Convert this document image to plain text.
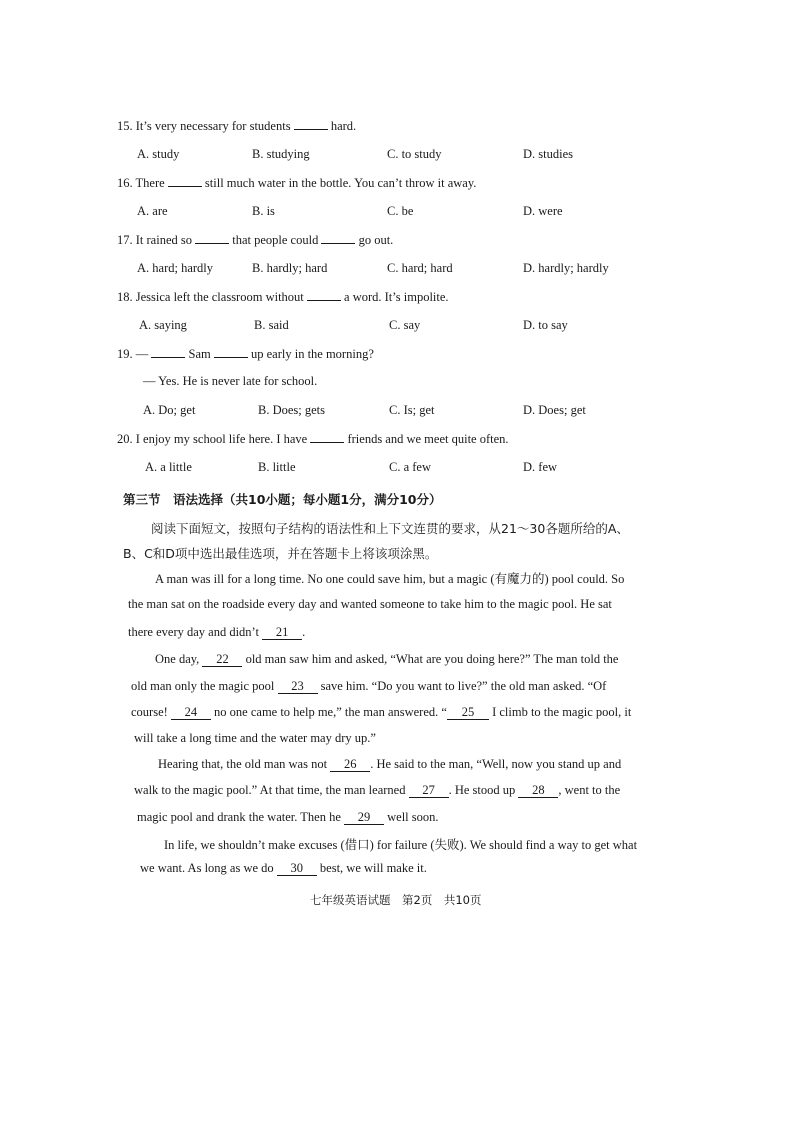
15. It’s very necessary for students	hard.
A. study	B. studying	C. to study	D. studies
16. There	still much water in the bottle. You can’t throw it away.
A. are	B. is	C. be	D. were
17. It rained so	that people could	go out.
A. hard; hardly	B. hardly; hard	C. hard; hard	D. hardly; hardly
18. Jessica left the classroom without	a word. It’s impolite.
A. saying	B. said	C. say	D. to say
19. —	Sam	up early in the morning?
— Yes. He is never late for school.
A. Do; get	B. Does; gets	C. Is; get	D. Does; get
20. I enjoy my school life here. I have	friends and we meet quite often.
A. a little	B. little	C. a few	D. few
第三节　语法选择（共10小题；每小题1分，满分10分）
阅读下面短文，按照句子结构的语法性和上下文连贯的要求，从21～30各题所给的A、
B、C和D项中选出最佳选项，并在答题卡上将该项涂黑。
A man was ill for a long time. No one could save him, but a magic (有魔力的) pool could. So
the man sat on the roadside every day and wanted someone to take him to the magic pool. He sat
there every day and didn’t 21 .
One day, 22 old man saw him and asked, “What are you doing here?” The man told the
old man only the magic pool 23 save him. “Do you want to live?” the old man asked. “Of
course! 24 no one came to help me,” the man answered. “ 25 I climb to the magic pool, it
will take a long time and the water may dry up.”
Hearing that, the old man was not 26 . He said to the man, “Well, now you stand up and
walk to the magic pool.” At that time, the man learned 27 . He stood up 28 , went to the
magic pool and drank the water. Then he 29 well soon.
In life, we shouldn’t make excuses (借口) for failure (失败). We should find a way to get what
we want. As long as we do 30 best, we will make it.
七年级英语试题　第2页　共10页
